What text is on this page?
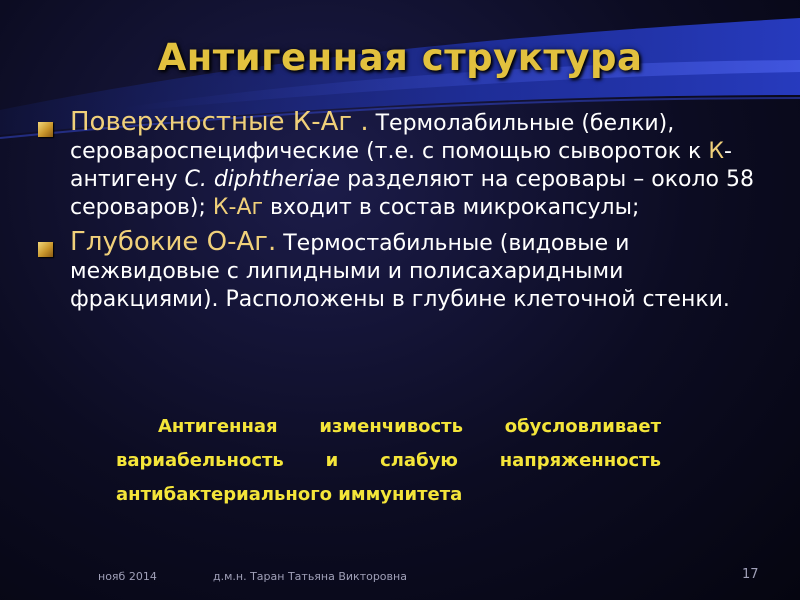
Антигенная структура
Поверхностные К-Аг . Термолабильные (белки), серовароспецифические (т.е. с помощью сывороток к К-антигену C. diphtheriae разделяют на серовары – около 58 сероваров); К-Аг входит в состав микрокапсулы;
Глубокие О-Аг. Термостабильные (видовые и межвидовые с липидными и полисахаридными фракциями). Расположены в глубине клеточной стенки.
Антигенная изменчивость обусловливает вариабельность и слабую напряженность антибактериального иммунитета
нояб 2014	д.м.н. Таран Татьяна Викторовна	17
